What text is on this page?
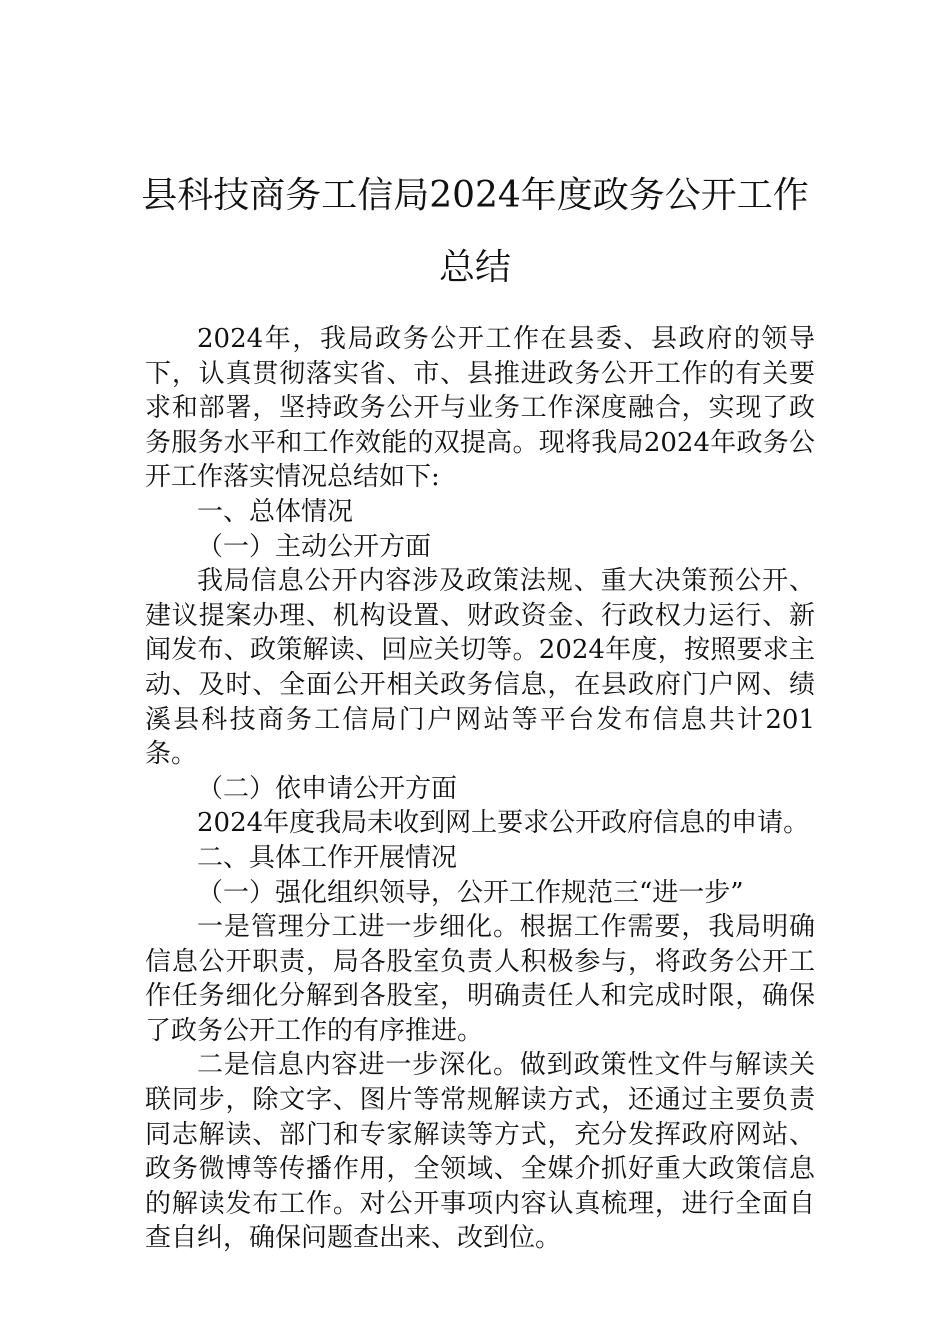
县科技商务工信局2024年度政务公开工作
总结

2024年，我局政务公开工作在县委、县政府的领导下，认真贯彻落实省、市、县推进政务公开工作的有关要求和部署，坚持政务公开与业务工作深度融合，实现了政务服务水平和工作效能的双提高。现将我局2024年政务公开工作落实情况总结如下:

一、总体情况

（一）主动公开方面

我局信息公开内容涉及政策法规、重大决策预公开、建议提案办理、机构设置、财政资金、行政权力运行、新闻发布、政策解读、回应关切等。2024年度，按照要求主动、及时、全面公开相关政务信息，在县政府门户网、绩溪县科技商务工信局门户网站等平台发布信息共计201条。

（二）依申请公开方面

2024年度我局未收到网上要求公开政府信息的申请。

二、具体工作开展情况

（一）强化组织领导，公开工作规范三“进一步”

一是管理分工进一步细化。根据工作需要，我局明确信息公开职责，局各股室负责人积极参与，将政务公开工作任务细化分解到各股室，明确责任人和完成时限，确保了政务公开工作的有序推进。

二是信息内容进一步深化。做到政策性文件与解读关联同步，除文字、图片等常规解读方式，还通过主要负责同志解读、部门和专家解读等方式，充分发挥政府网站、政务微博等传播作用，全领域、全媒介抓好重大政策信息的解读发布工作。对公开事项内容认真梳理，进行全面自查自纠，确保问题查出来、改到位。
